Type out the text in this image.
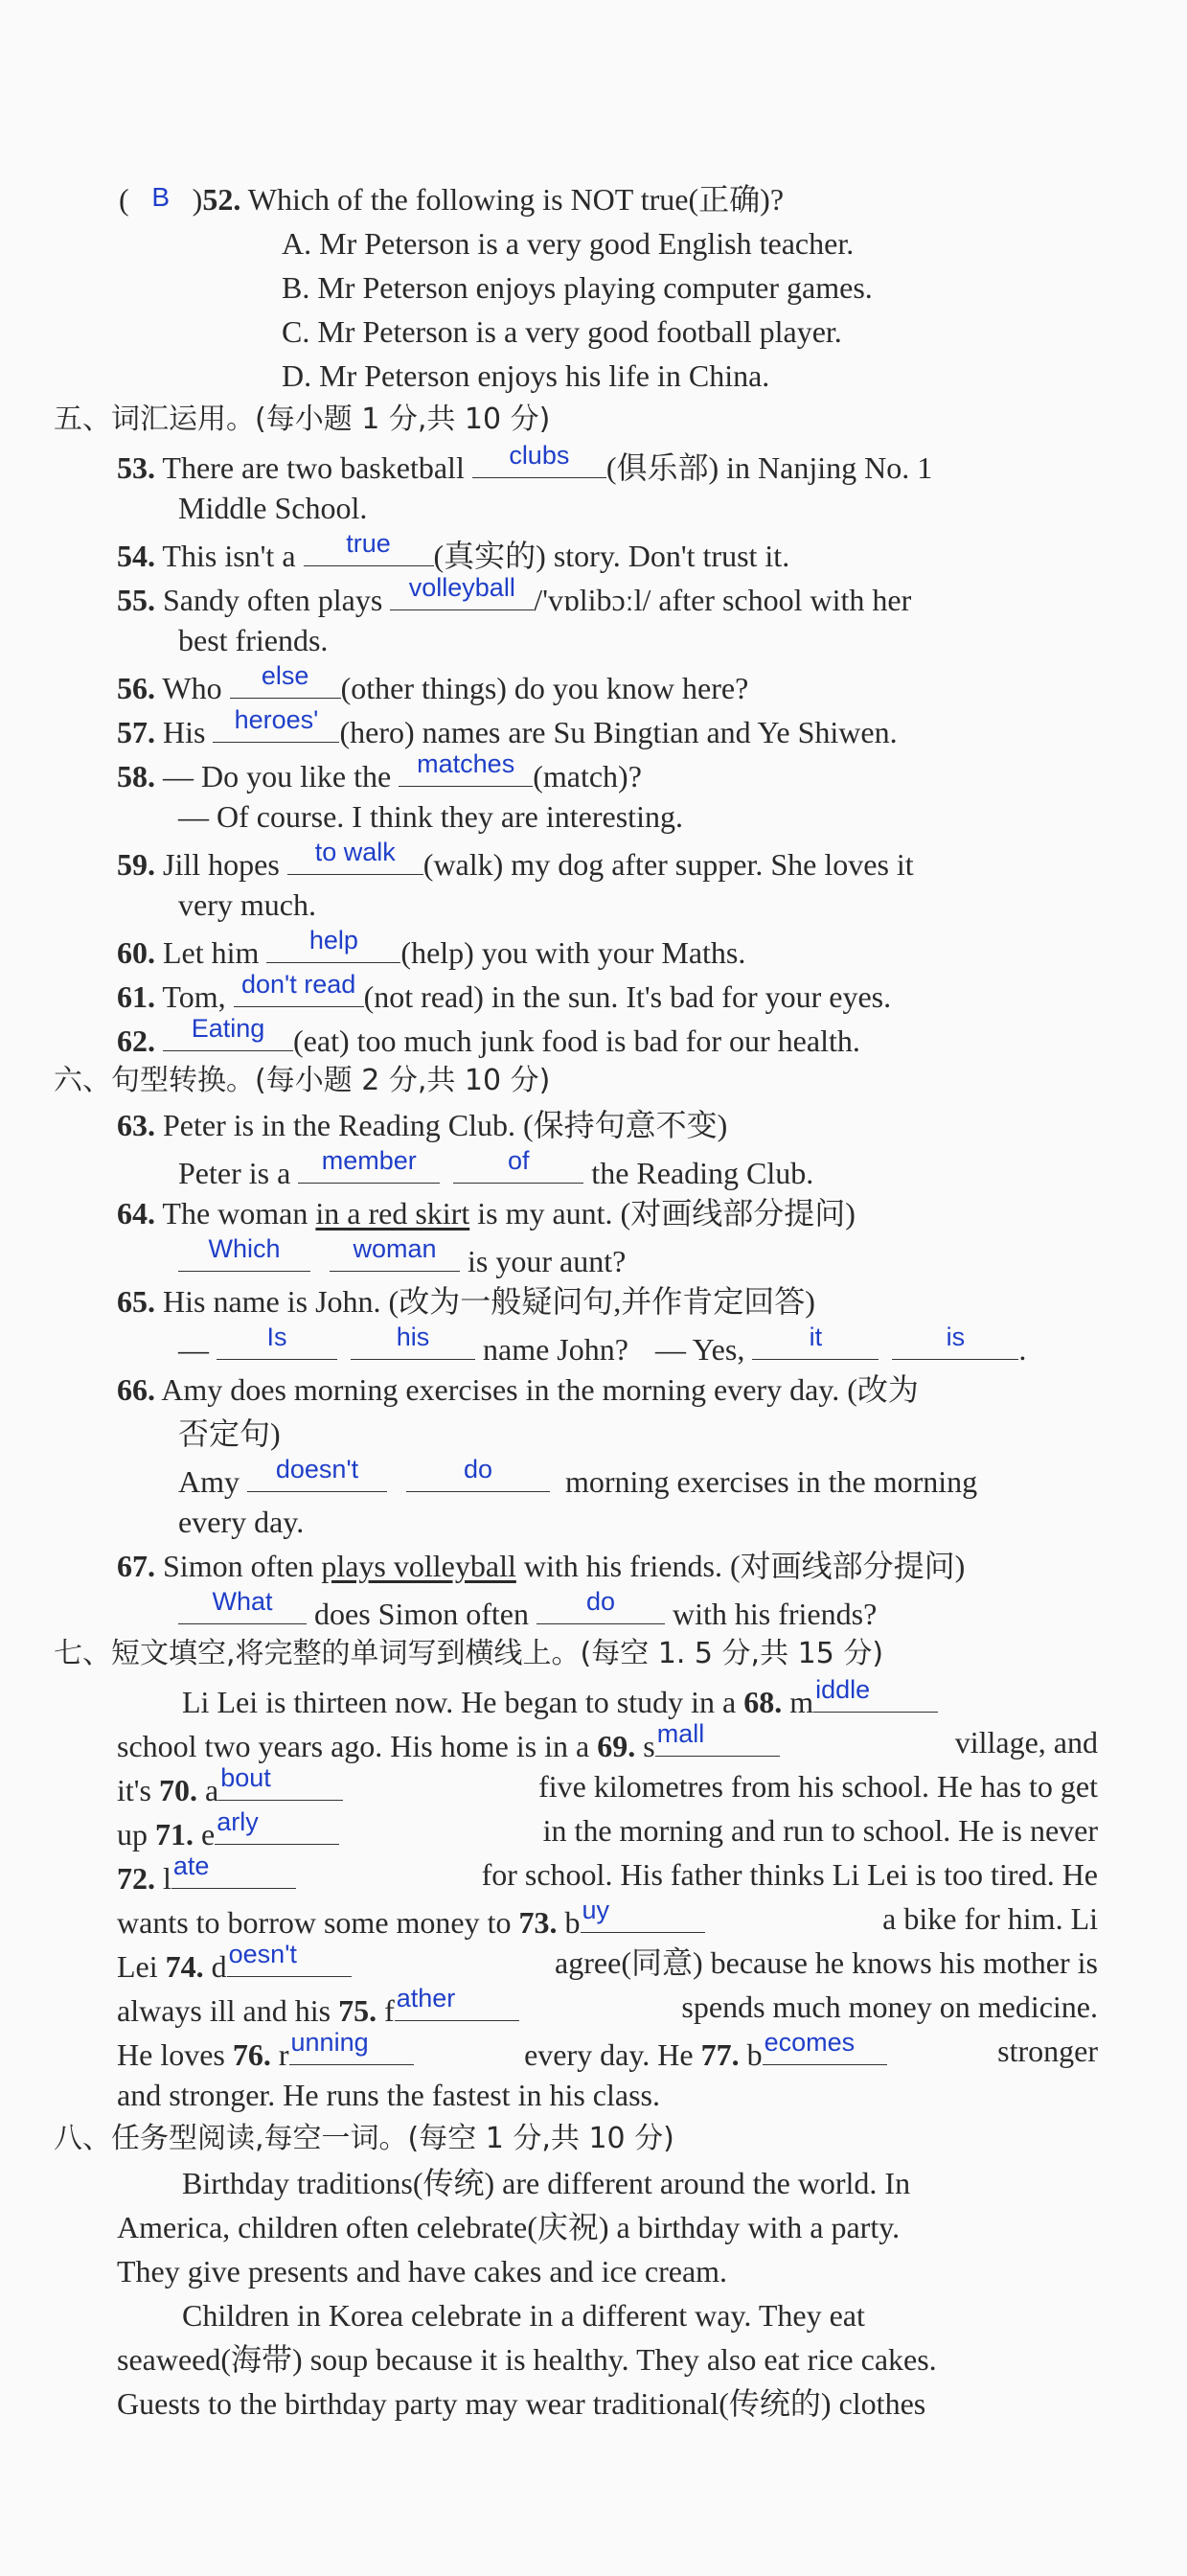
( B )52. Which of the following is NOT true(正确)?
A. Mr Peterson is a very good English teacher.
B. Mr Peterson enjoys playing computer games.
C. Mr Peterson is a very good football player.
D. Mr Peterson enjoys his life in China.
五、词汇运用。(每小题 1 分,共 10 分)
53. There are two basketball	clubs	(俱乐部) in Nanjing No. 1
Middle School.
54. This isn't a	true	(真实的) story. Don't trust it.
55. Sandy often plays	volleyball /'vɒlibɔːl/ after school with her
best friends.
56. Who	else	(other things) do you know here?
57. His	heroes' (hero) names are Su Bingtian and Ye Shiwen.
58. — Do you like the matches (match)?
— Of course. I think they are interesting.
59. Jill hopes	to walk (walk) my dog after supper. She loves it
very much.
60. Let him	help	(help) you with your Maths.
61. Tom, don't read (not read) in the sun. It's bad for your eyes.
62.	Eating (eat) too much junk food is bad for our health.
六、句型转换。(每小题 2 分,共 10 分)
63. Peter is in the Reading Club. (保持句意不变)
Peter is a	member
	of	the Reading Club.
64. The woman in a red skirt is my aunt. (对画线部分提问)
Which
	woman	is your aunt?
65. His name is John. (改为一般疑问句,并作肯定回答)
—	Is
	his	name John? — Yes,	it
	is	.
66. Amy does morning exercises in the morning every day. (改为
否定句)
Amy	doesn't
	do	morning exercises in the morning
every day.
67. Simon often plays volleyball with his friends. (对画线部分提问)
What	does Simon often	do	with his friends?
七、短文填空,将完整的单词写到横线上。(每空 1. 5 分,共 15 分)
Li Lei is thirteen now. He began to study in a 68. m iddle
school two years ago. His home is in a 69. s mall	village, and
it's 70. a bout	five kilometres from his school. He has to get
up 71. e arly	in the morning and run to school. He is never
72. l ate	for school. His father thinks Li Lei is too tired. He
wants to borrow some money to 73. b uy	a bike for him. Li
Lei 74. d oesn't	agree(同意) because he knows his mother is
always ill and his 75. f ather	spends much money on medicine.
He loves 76. r unning	every day. He 77. b ecomes	stronger
and stronger. He runs the fastest in his class.
八、任务型阅读,每空一词。(每空 1 分,共 10 分)
Birthday traditions(传统) are different around the world. In
America, children often celebrate(庆祝) a birthday with a party.
They give presents and have cakes and ice cream.
Children in Korea celebrate in a different way. They eat
seaweed(海带) soup because it is healthy. They also eat rice cakes.
Guests to the birthday party may wear traditional(传统的) clothes
